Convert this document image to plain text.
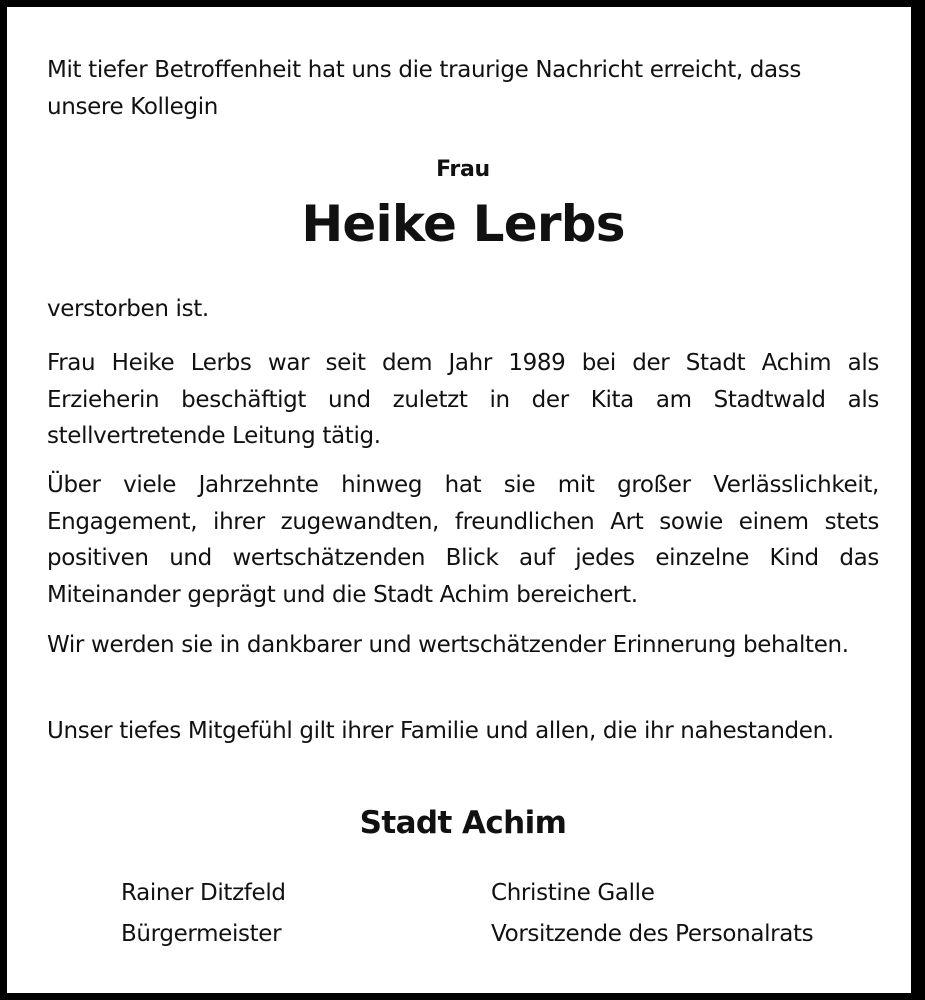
Mit tiefer Betroffenheit hat uns die traurige Nachricht erreicht, dass unsere Kollegin

Frau
Heike Lerbs

verstorben ist.

Frau Heike Lerbs war seit dem Jahr 1989 bei der Stadt Achim als Erzieherin beschäftigt und zuletzt in der Kita am Stadtwald als stellvertretende Leitung tätig.

Über viele Jahrzehnte hinweg hat sie mit großer Verlässlichkeit, Engagement, ihrer zugewandten, freundlichen Art sowie einem stets positiven und wertschätzenden Blick auf jedes einzelne Kind das Miteinander geprägt und die Stadt Achim bereichert.

Wir werden sie in dankbarer und wertschätzender Erinnerung behalten.

Unser tiefes Mitgefühl gilt ihrer Familie und allen, die ihr nahestanden.

Stadt Achim
Rainer Ditzfeld
Bürgermeister
Christine Galle
Vorsitzende des Personalrats
